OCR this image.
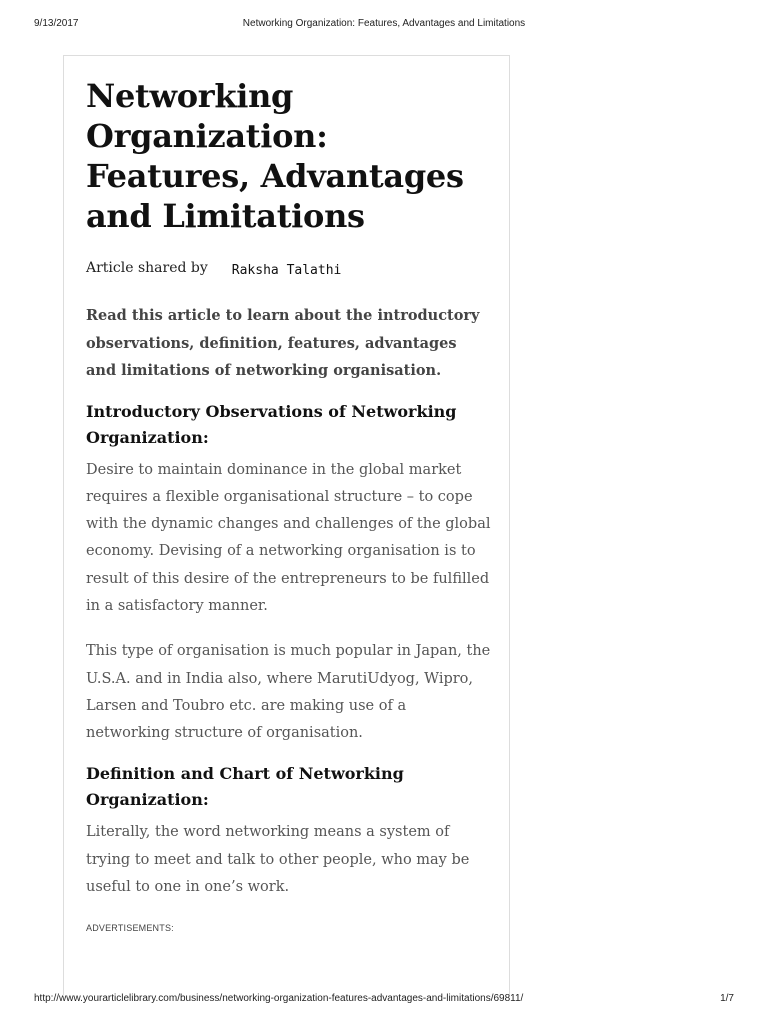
9/13/2017	Networking Organization: Features, Advantages and Limitations
Networking Organization: Features, Advantages and Limitations
Article shared by Raksha Talathi
Read this article to learn about the introductory observations, definition, features, advantages and limitations of networking organisation.
Introductory Observations of Networking Organization:
Desire to maintain dominance in the global market requires a flexible organisational structure – to cope with the dynamic changes and challenges of the global economy. Devising of a networking organisation is to result of this desire of the entrepreneurs to be fulfilled in a satisfactory manner.
This type of organisation is much popular in Japan, the U.S.A. and in India also, where MarutiUdyog, Wipro, Larsen and Toubro etc. are making use of a networking structure of organisation.
Definition and Chart of Networking Organization:
Literally, the word networking means a system of trying to meet and talk to other people, who may be useful to one in one’s work.
ADVERTISEMENTS:
http://www.yourarticlelibrary.com/business/networking-organization-features-advantages-and-limitations/69811/	1/7
